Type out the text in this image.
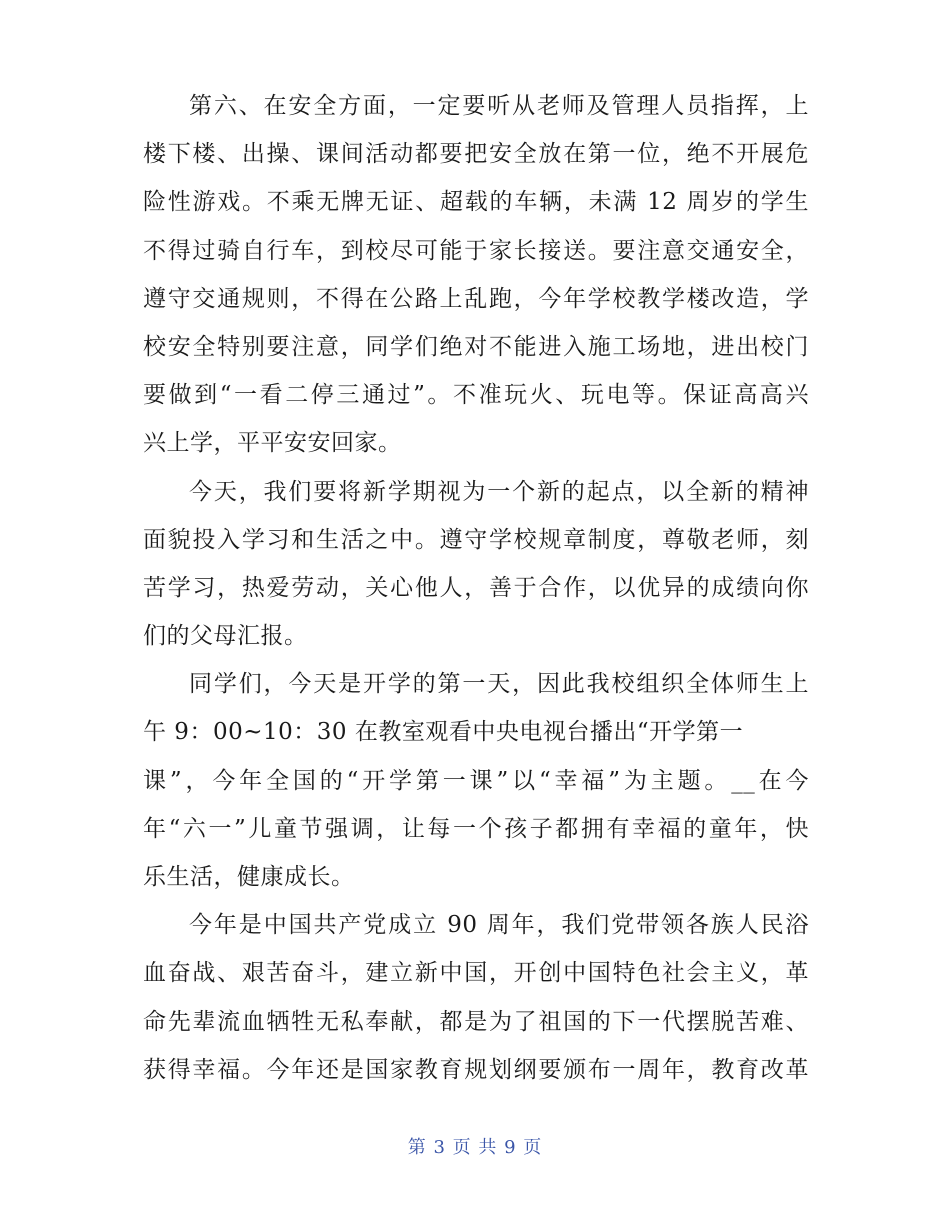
第六、在安全方面，一定要听从老师及管理人员指挥，上
楼下楼、出操、课间活动都要把安全放在第一位，绝不开展危
险性游戏。不乘无牌无证、超载的车辆，未满 12 周岁的学生
不得过骑自行车，到校尽可能于家长接送。要注意交通安全，
遵守交通规则，不得在公路上乱跑，今年学校教学楼改造，学
校安全特别要注意，同学们绝对不能进入施工场地，进出校门
要做到“一看二停三通过”。不准玩火、玩电等。保证高高兴
兴上学，平平安安回家。
今天，我们要将新学期视为一个新的起点，以全新的精神
面貌投入学习和生活之中。遵守学校规章制度，尊敬老师，刻
苦学习，热爱劳动，关心他人，善于合作，以优异的成绩向你
们的父母汇报。
同学们，今天是开学的第一天，因此我校组织全体师生上
午 9：00~10：30 在教室观看中央电视台播出“开学第一
课”，今年全国的“开学第一课”以“幸福”为主题。__在今
年“六一”儿童节强调，让每一个孩子都拥有幸福的童年，快
乐生活，健康成长。
今年是中国共产党成立 90 周年，我们党带领各族人民浴
血奋战、艰苦奋斗，建立新中国，开创中国特色社会主义，革
命先辈流血牺牲无私奉献，都是为了祖国的下一代摆脱苦难、
获得幸福。今年还是国家教育规划纲要颁布一周年，教育改革
第 3 页 共 9 页
